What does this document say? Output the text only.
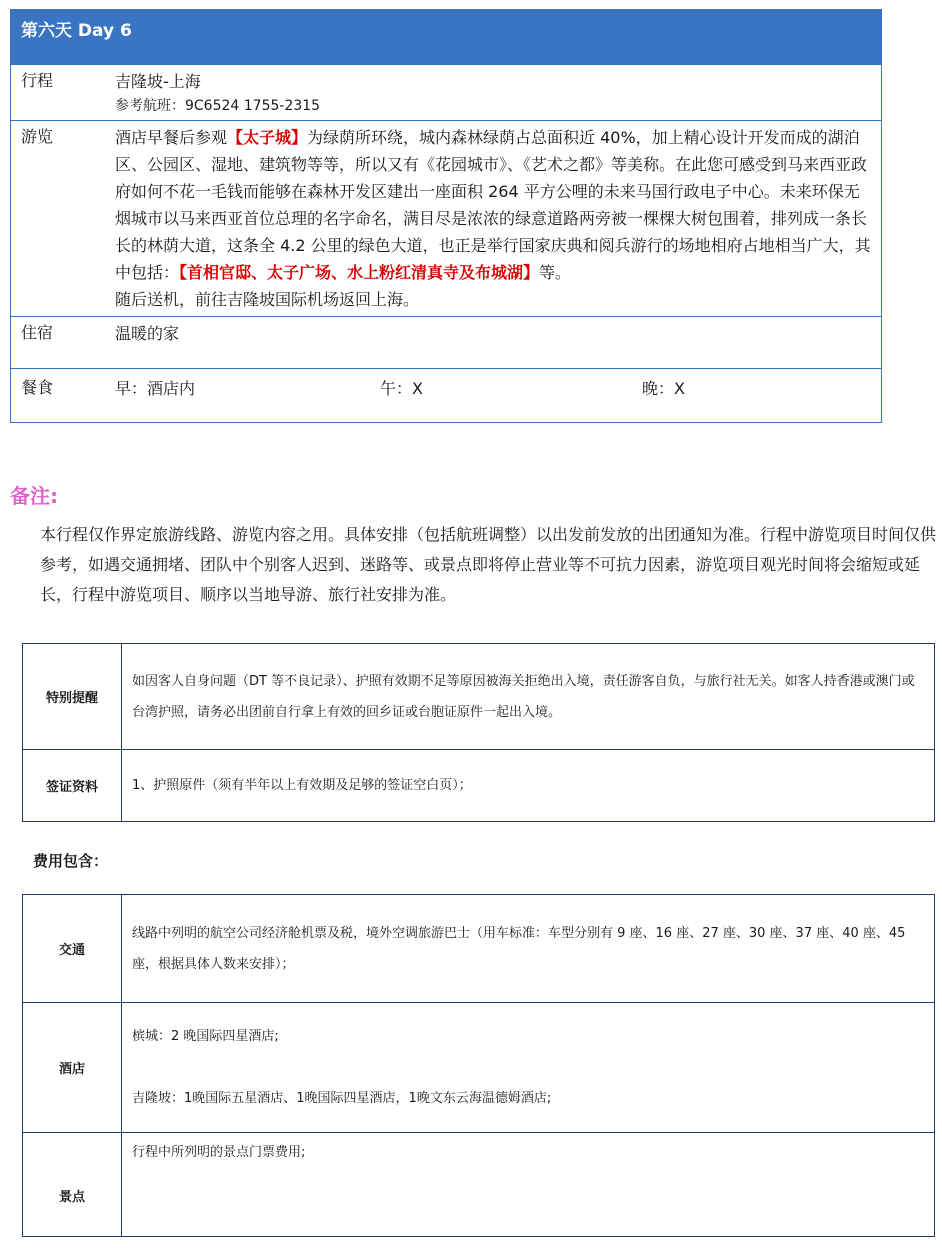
第六天 Day 6	
行程	吉隆坡-上海
参考航班：9C6524 1755-2315

游览	酒店早餐后参观【太子城】为绿荫所环绕，城内森林绿荫占总面积近 40%，加上精心设计开发而成的湖泊区、公园区、湿地、建筑物等等，所以又有《花园城市》、《艺术之都》等美称。在此您可感受到马来西亚政府如何不花一毛钱而能够在森林开发区建出一座面积 264 平方公哩的未来马国行政电子中心。未来环保无烟城市以马来西亚首位总理的名字命名，满目尽是浓浓的绿意道路两旁被一棵棵大树包围着，排列成一条长长的林荫大道，这条全 4.2 公里的绿色大道，也正是举行国家庆典和阅兵游行的场地相府占地相当广大，其中包括：【首相官邸、太子广场、水上粉红清真寺及布城湖】等。
随后送机，前往吉隆坡国际机场返回上海。
住宿	温暖的家
餐食	早：酒店内 午：X 晚：X
备注:
本行程仅作界定旅游线路、游览内容之用。具体安排（包括航班调整）以出发前发放的出团通知为准。行程中游览项目时间仅供参考，如遇交通拥堵、团队中个别客人迟到、迷路等、或景点即将停止营业等不可抗力因素，游览项目观光时间将会缩短或延长，行程中游览项目、顺序以当地导游、旅行社安排为准。
特别提醒	如因客人自身问题（DT 等不良记录）、护照有效期不足等原因被海关拒绝出入境，责任游客自负，与旅行社无关。如客人持香港或澳门或台湾护照，请务必出团前自行拿上有效的回乡证或台胞证原件一起出入境。
签证资料	1、护照原件（须有半年以上有效期及足够的签证空白页）；
费用包含：
交通	线路中列明的航空公司经济舱机票及税，境外空调旅游巴士（用车标准：车型分别有 9 座、16 座、27 座、30 座、37 座、40 座、45 座，根据具体人数来安排）；
酒店	槟城：2 晚国际四星酒店;
吉隆坡：1晚国际五星酒店、1晚国际四星酒店，1晚文东云海温德姆酒店;

景点	行程中所列明的景点门票费用;
